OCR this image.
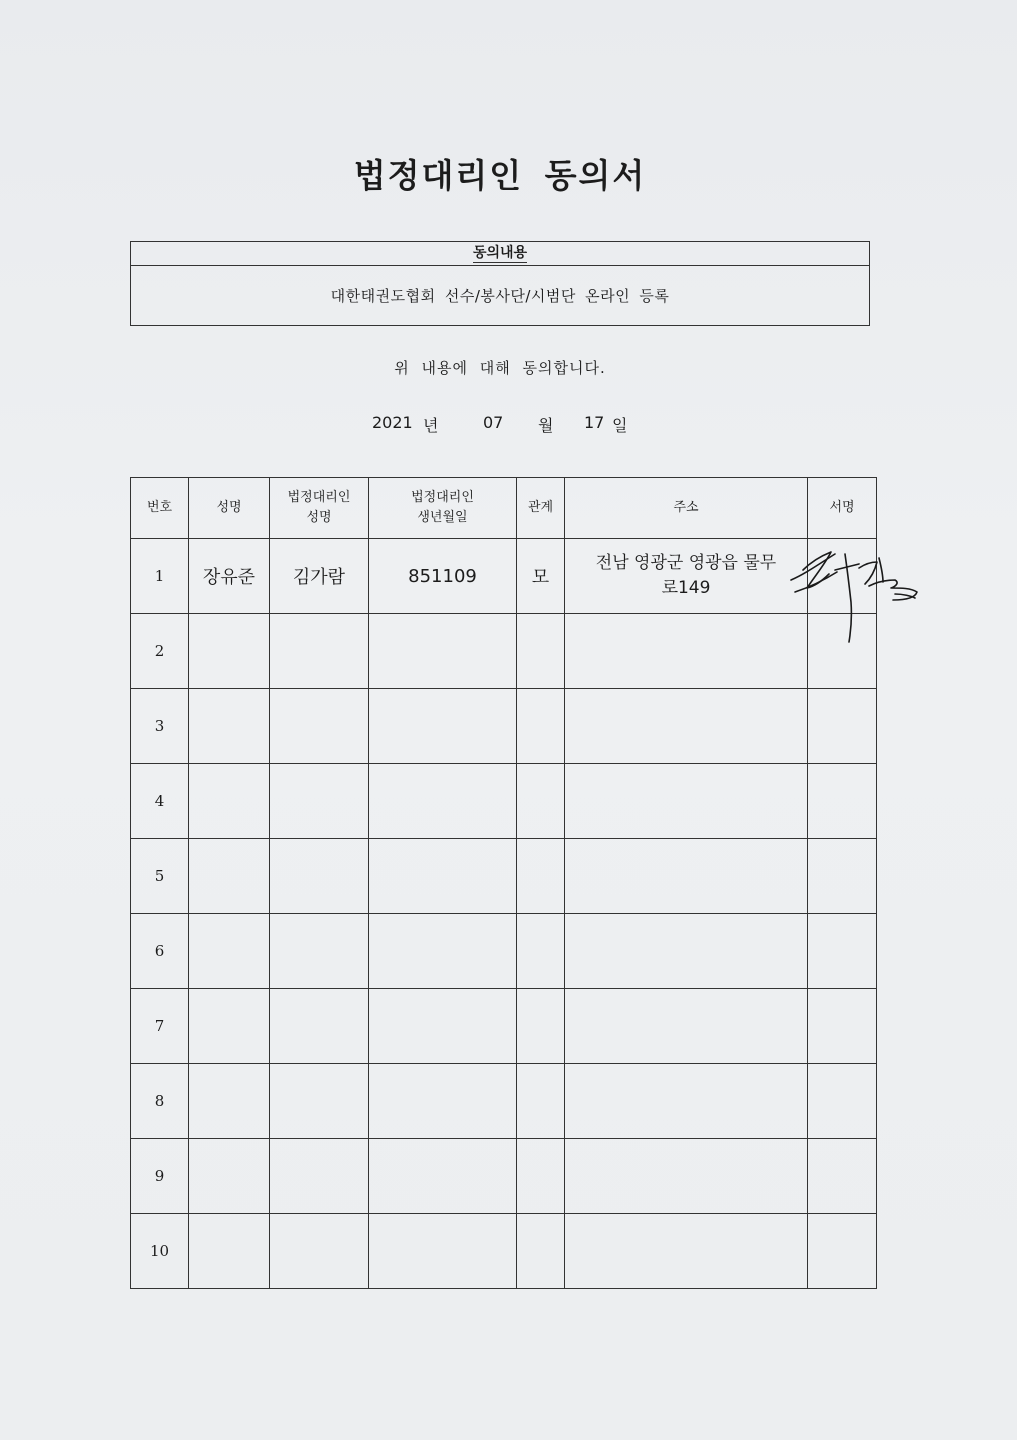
법정대리인 동의서
동의내용
대한태권도협회 선수/봉사단/시범단 온라인 등록
위 내용에 대해 동의합니다.
2021 년	07 월 17 일
번호	성명	법정대리인 성명	법정대리인 생년월일	관계	주소	서명
1	장유준	김가람	851109	모	전남 영광군 영광읍 물무로149	

2						
3						
4						
5						
6						
7						
8						
9						
10						
